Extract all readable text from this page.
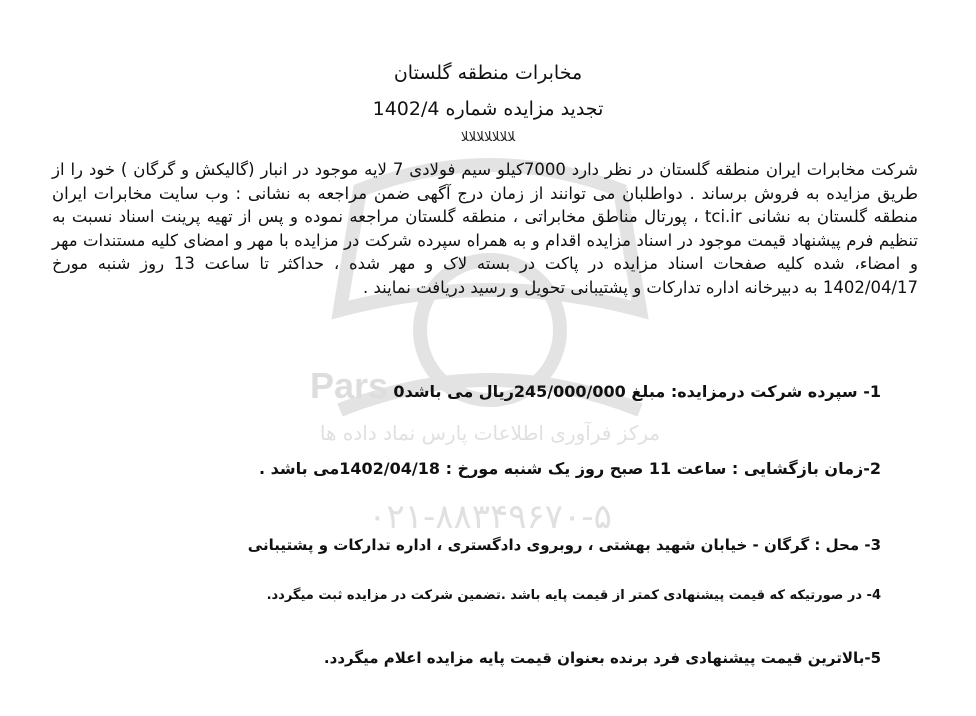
Pars
مرکز فرآوری اطلاعات پارس نماد داده ها
۰۲۱-۸۸۳۴۹۶۷۰-۵
مخابرات منطقه گلستان
تجدید مزایده شماره 1402/4
ﻼﻼﻼﻼﻼﻼﻼ
شرکت مخابرات ایران منطقه گلستان در نظر دارد 7000کیلو سیم فولادی 7 لایه موجود در انبار (گالیکش و گرگان ) خود را از طریق مزایده به فروش برساند . دواطلبان می توانند از زمان درج آگهی ضمن مراجعه به نشانی : وب سایت مخابرات ایران منطقه گلستان به نشانی tci.ir ، پورتال مناطق مخابراتی ، منطقه گلستان مراجعه نموده و پس از تهیه پرینت اسناد نسبت به تنظیم فرم پیشنهاد قیمت موجود در اسناد مزایده اقدام و به همراه سپرده شرکت در مزایده با مهر و امضای کلیه مستندات مهر و امضاء، شده کلیه صفحات اسناد مزایده در پاکت در بسته لاک و مهر شده ، حداکثر تا ساعت 13 روز شنبه مورخ 1402/04/17 به دبیرخانه اداره تدارکات و پشتیبانی تحویل و رسید دریافت نمایند .
1- سپرده شرکت درمزایده: مبلغ 245/000/000ریال می باشد0
2-زمان بازگشایی : ساعت 11 صبح روز یک شنبه مورخ : 1402/04/18می باشد .
3- محل : گرگان - خیابان شهید بهشتی ، روبروی دادگستری ، اداره تدارکات و پشتیبانی
4- در صورتیکه که قیمت پیشنهادی کمتر از قیمت پایه باشد .تضمین شرکت در مزایده ثبت میگردد.
5-بالاترین قیمت پیشنهادی فرد برنده بعنوان قیمت پایه مزایده اعلام میگردد.
